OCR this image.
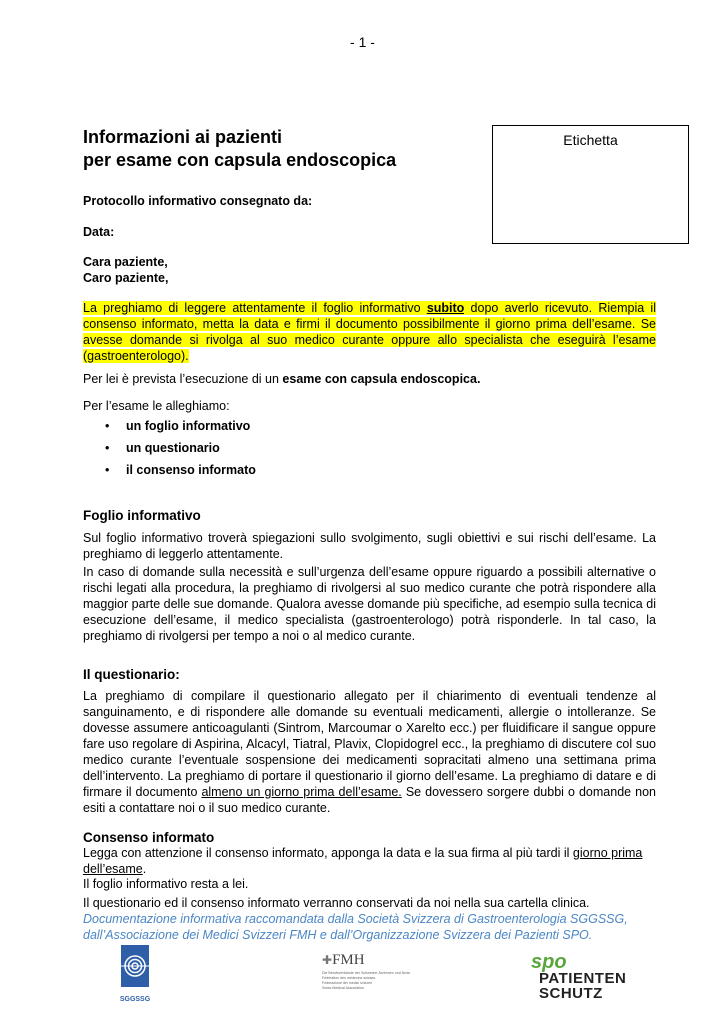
- 1 -
Etichetta
Informazioni ai pazienti
per esame con capsula endoscopica
Protocollo informativo consegnato da:
Data:
Cara paziente,
Caro paziente,
La preghiamo di leggere attentamente il foglio informativo subito dopo averlo ricevuto. Riempia il consenso informato, metta la data e firmi il documento possibilmente il giorno prima dell’esame. Se avesse domande si rivolga al suo medico curante oppure allo specialista che eseguirà l’esame (gastroenterologo).
Per lei è prevista l’esecuzione di un esame con capsula endoscopica.
Per l’esame le alleghiamo:
• un foglio informativo
• un questionario
• il consenso informato
Foglio informativo
Sul foglio informativo troverà spiegazioni sullo svolgimento, sugli obiettivi e sui rischi dell’esame. La preghiamo di leggerlo attentamente.
In caso di domande sulla necessità e sull’urgenza dell’esame oppure riguardo a possibili alternative o rischi legati alla procedura, la preghiamo di rivolgersi al suo medico curante che potrà rispondere alla maggior parte delle sue domande. Qualora avesse domande più specifiche, ad esempio sulla tecnica di esecuzione dell’esame, il medico specialista (gastroenterologo) potrà risponderle. In tal caso, la preghiamo di rivolgersi per tempo a noi o al medico curante.
Il questionario:
La preghiamo di compilare il questionario allegato per il chiarimento di eventuali tendenze al sanguinamento, e di rispondere alle domande su eventuali medicamenti, allergie o intolleranze. Se dovesse assumere anticoagulanti (Sintrom, Marcoumar o Xarelto ecc.) per fluidificare il sangue oppure fare uso regolare di Aspirina, Alcacyl, Tiatral, Plavix, Clopidogrel ecc., la preghiamo di discutere col suo medico curante l’eventuale sospensione dei medicamenti sopracitati almeno una settimana prima dell’intervento. La preghiamo di portare il questionario il giorno dell’esame. La preghiamo di datare e di firmare il documento almeno un giorno prima dell’esame. Se dovessero sorgere dubbi o domande non esiti a contattare noi o il suo medico curante.
Consenso informato
Legga con attenzione il consenso informato, apponga la data e la sua firma al più tardi il giorno prima dell’esame.
Il foglio informativo resta a lei.
Il questionario ed il consenso informato verranno conservati da noi nella sua cartella clinica.
Documentazione informativa raccomandata dalla Società Svizzera di Gastroenterologia SGGSSG, dall’Associazione dei Medici Svizzeri FMH e dall’Organizzazione Svizzera dei Pazienti SPO.
SGGSSG
✚FMH
Die Berufsverbände der Schweizer Ärztinnen und Ärzte
Fédération des médecins suisses
Federazione dei medici svizzeri
Swiss Medical Association
spo
PATIENTEN
SCHUTZ
